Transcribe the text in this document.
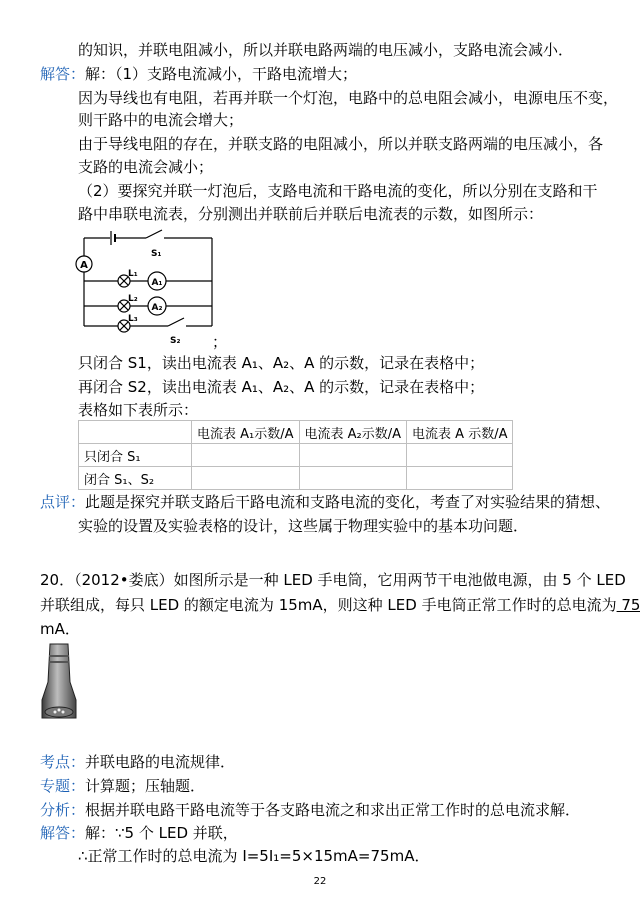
的知识，并联电阻减小，所以并联电路两端的电压减小，支路电流会减小．
解答：解：（1）支路电流减小，干路电流增大；
因为导线也有电阻，若再并联一个灯泡，电路中的总电阻会减小，电源电压不变，
则干路中的电流会增大；
由于导线电阻的存在，并联支路的电阻减小，所以并联支路两端的电压减小，各
支路的电流会减小；
（2）要探究并联一灯泡后，支路电流和干路电流的变化，所以分别在支路和干
路中串联电流表，分别测出并联前后并联后电流表的示数，如图所示：
A
A₁
A₂
S₁
L₁
L₂
L₃
S₂ ；
只闭合 S1，读出电流表 A₁、A₂、A 的示数，记录在表格中；
再闭合 S2，读出电流表 A₁、A₂、A 的示数，记录在表格中；
表格如下表所示：
	电流表 A₁示数/A	电流表 A₂示数/A	电流表 A 示数/A
只闭合 S₁			
闭合 S₁、S₂			
点评：此题是探究并联支路后干路电流和支路电流的变化，考查了对实验结果的猜想、
实验的设置及实验表格的设计，这些属于物理实验中的基本功问题．
20．（2012•娄底）如图所示是一种 LED 手电筒，它用两节干电池做电源，由 5 个 LED
并联组成，每只 LED 的额定电流为 15mA，则这种 LED 手电筒正常工作时的总电流为 75
mA．
考点：并联电路的电流规律．
专题：计算题；压轴题．
分析：根据并联电路干路电流等于各支路电流之和求出正常工作时的总电流求解．
解答：解：∵5 个 LED 并联，
∴正常工作时的总电流为 I=5I₁=5×15mA=75mA．
22
